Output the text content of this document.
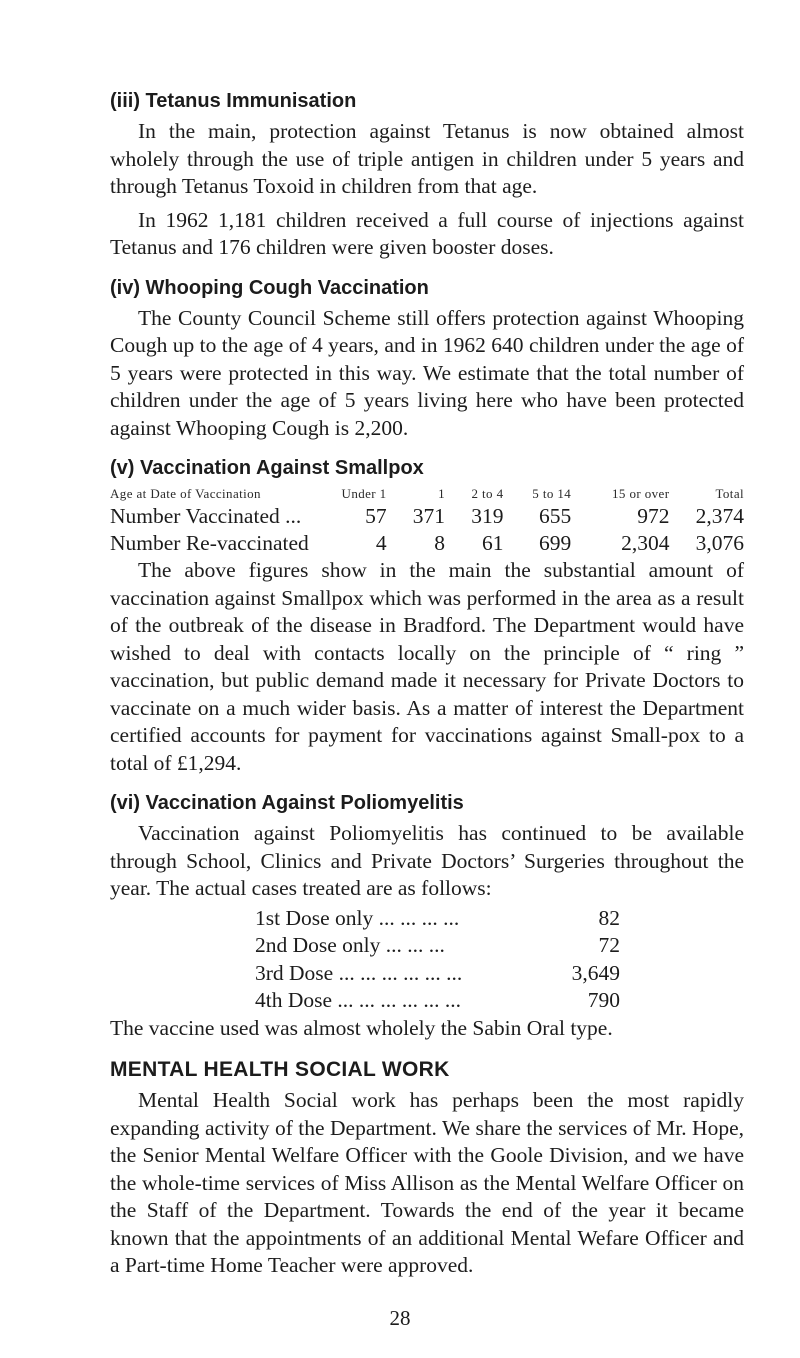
(iii) Tetanus Immunisation

In the main, protection against Tetanus is now obtained almost wholely through the use of triple antigen in children under 5 years and through Tetanus Toxoid in children from that age.

In 1962 1,181 children received a full course of injections against Tetanus and 176 children were given booster doses.

(iv) Whooping Cough Vaccination

The County Council Scheme still offers protection against Whooping Cough up to the age of 4 years, and in 1962 640 children under the age of 5 years were protected in this way. We estimate that the total number of children under the age of 5 years living here who have been protected against Whooping Cough is 2,200.

(v) Vaccination Against Smallpox
Age at Date of Vaccination	Under 1	1	2 to 4	5 to 14	15 or over	Total
Number Vaccinated ...	57	371	319	655	972	2,374
Number Re-vaccinated	4	8	61	699	2,304	3,076

The above figures show in the main the substantial amount of vaccination against Smallpox which was performed in the area as a result of the outbreak of the disease in Bradford. The Department would have wished to deal with contacts locally on the principle of “ ring ” vaccination, but public demand made it necessary for Private Doctors to vaccinate on a much wider basis. As a matter of interest the Department certified accounts for payment for vaccinations against Small-pox to a total of £1,294.

(vi) Vaccination Against Poliomyelitis

Vaccination against Poliomyelitis has continued to be available through School, Clinics and Private Doctors’ Surgeries throughout the year. The actual cases treated are as follows:

1st Dose only ... ... ... ...	82
2nd Dose only ... ... ...	72
3rd Dose ... ... ... ... ... ...	3,649
4th Dose ... ... ... ... ... ...	790

The vaccine used was almost wholely the Sabin Oral type.

MENTAL HEALTH SOCIAL WORK

Mental Health Social work has perhaps been the most rapidly expanding activity of the Department. We share the services of Mr. Hope, the Senior Mental Welfare Officer with the Goole Division, and we have the whole-time services of Miss Allison as the Mental Welfare Officer on the Staff of the Department. Towards the end of the year it became known that the appointments of an additional Mental Wefare Officer and a Part-time Home Teacher were approved.

28
